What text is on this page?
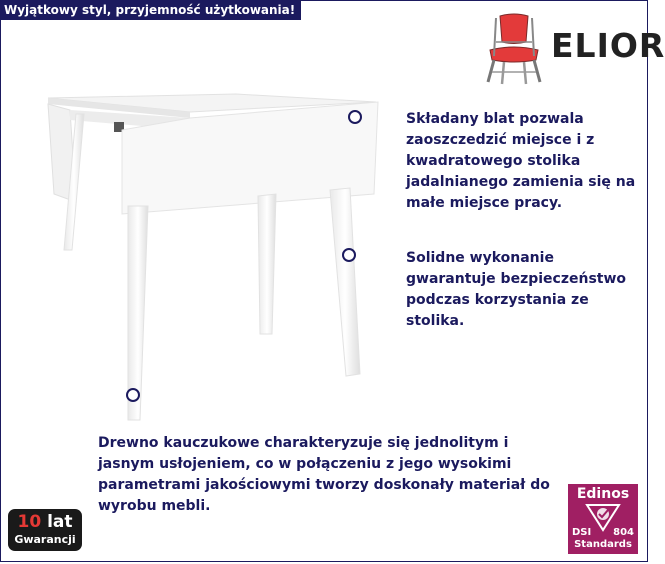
Wyjątkowy styl, przyjemność użytkowania!
ELIOR
Składany blat pozwala zaoszczedzić miejsce i z kwadratowego stolika jadalnianego zamienia się na małe miejsce pracy.
Solidne wykonanie gwarantuje bezpieczeństwo podczas korzystania ze stolika.
Drewno kauczukowe charakteryzuje się jednolitym i jasnym usłojeniem, co w połączeniu z jego wysokimi parametrami jakościowymi tworzy doskonały materiał do wyrobu mebli.
10 lat
Gwarancji
Edinos
DSI 804
Standards
